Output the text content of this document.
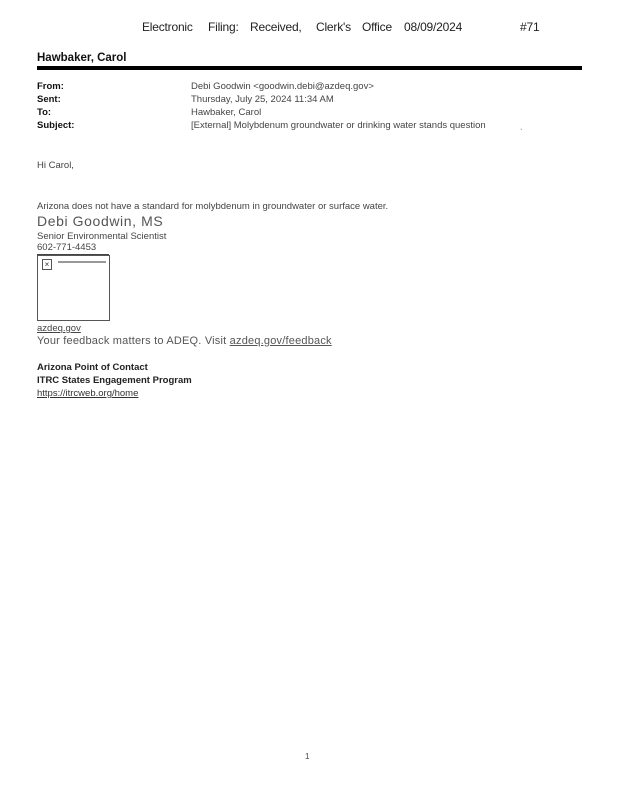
Electronic Filing: Received, Clerk's Office 08/09/2024	#71
Hawbaker, Carol
From:	Debi Goodwin <goodwin.debi@azdeq.gov>
Sent:	Thursday, July 25, 2024 11:34 AM
To:	Hawbaker, Carol
Subject:	[External] Molybdenum groundwater or drinking water stands question	˴
Hi Carol,
Arizona does not have a standard for molybdenum in groundwater or surface water.
Debi Goodwin, MS
Senior Environmental Scientist
602-771-4453
×
azdeq.gov
Your feedback matters to ADEQ. Visit azdeq.gov/feedback
Arizona Point of Contact
ITRC States Engagement Program
https://itrcweb.org/home
1
